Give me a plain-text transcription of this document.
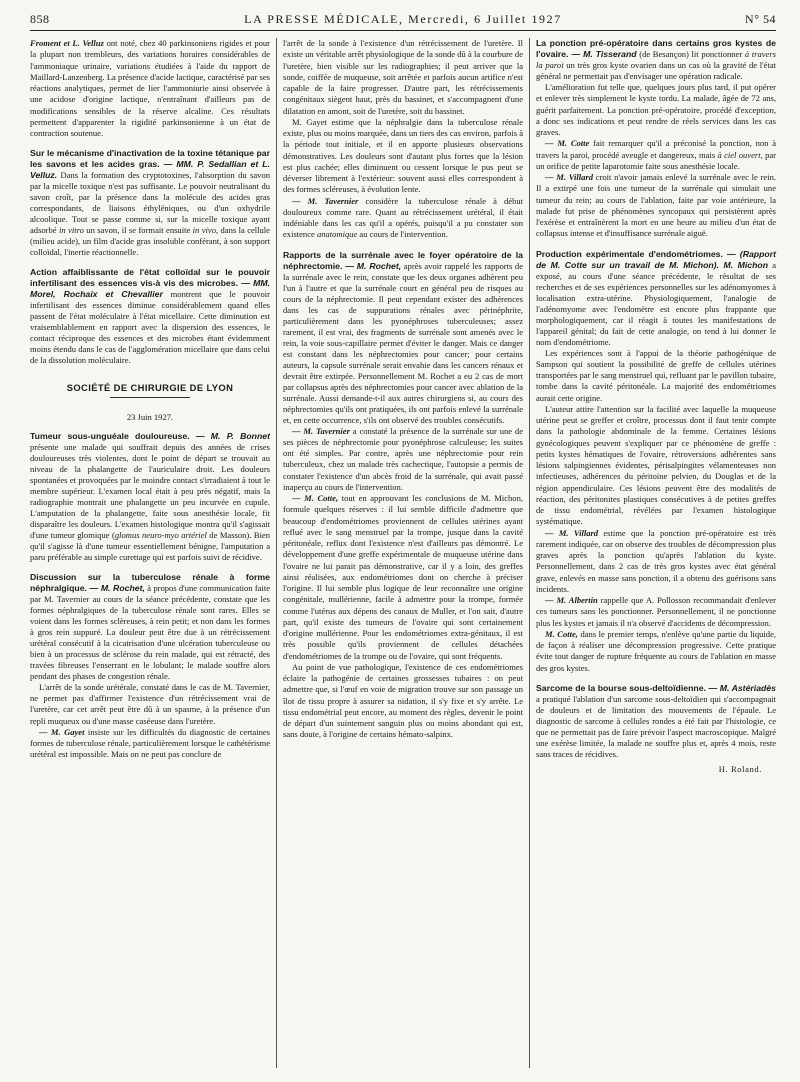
858	LA PRESSE MÉDICALE, Mercredi, 6 Juillet 1927	N° 54

Froment et L. Velluz ont noté, chez 40 parkinsoniens rigides et pour la plupart non trembleurs, des variations horaires considérables de l'ammoniaque urinaire, variations étudiées à l'aide du rapport de Maillard-Lanzenberg. La présence d'acide lactique, caractérisé par ses réactions analytiques, permet de lier l'ammoniurie ainsi observée à une acidose d'origine lactique, n'entraînant d'ailleurs pas de modifications sensibles de la réserve alcaline. Ces résultats permettent d'apparenter la rigidité parkinsonienne à un état de contraction soutenue.

Sur le mécanisme d'inactivation de la toxine tétanique par les savons et les acides gras. — MM. P. Sedallian et L. Velluz. Dans la formation des cryptotoxines, l'absorption du savon par la micelle toxique n'est pas suffisante. Le pouvoir neutralisant du savon croît, par la présence dans la molécule des acides gras correspondants, de liaisons éthyléniques, ou d'un oxhydrile alcoolique. Tout se passe comme si, sur la micelle toxique ayant adsorbé in vitro un savon, il se formait ensuite in vivo, dans la cellule (milieu acide), un film d'acide gras insoluble conférant, à son support colloïdal, l'inertie réactionnelle.

Action affaiblissante de l'état colloïdal sur le pouvoir infertilisant des essences vis-à vis des microbes. — MM. Morel, Rochaix et Chevallier montrent que le pouvoir infertilisant des essences diminue considérablement quand elles passent de l'état moléculaire à l'état micellaire. Cette diminution est vraisemblablement en rapport avec la dispersion des essences, le contact réciproque des essences et des microbes étant évidemment moins étendu dans le cas de l'agglomération micellaire que dans celui de la dissolution moléculaire.

SOCIÉTÉ DE CHIRURGIE DE LYON

23 Juin 1927.

Tumeur sous-unguéale douloureuse. — M. P. Bonnet présente une malade qui souffrait depuis des années de crises douloureuses très violentes, dont le point de départ se trouvait au niveau de la phalangette de l'auriculaire droit. Les douleurs spontanées et provoquées par le moindre contact s'irradiaient à tout le membre supérieur. L'examen local était à peu près négatif, mais la radiographie montrait une phalangette un peu incurvée en cupule. L'amputation de la phalangette, faite sous anesthésie locale, fit disparaître les douleurs. L'examen histologique montra qu'il s'agissait d'une tumeur glomique (glomus neuro-myo artériel de Masson). Bien qu'il s'agisse là d'une tumeur essentiellement bénigne, l'amputation a paru préférable au simple curettage qui est parfois suivi de récidive.

Discussion sur la tuberculose rénale à forme néphralgique. — M. Rochet, à propos d'une communication faite par M. Tavernier au cours de la séance précédente, constate que les formes néphralgiques de la tuberculose rénale sont rares. Elles se voient dans les formes sclèreuses, à rein petit; et non dans les formes à gros rein suppuré. La douleur peut être due à un rétrécissement urétéral consécutif à la cicatrisation d'une ulcération tuberculeuse ou bien à un processus de sclérose du rein malade, qui est rétracté, des travées fibreuses l'enserrant en le lobulant; le malade souffre alors pendant des phases de congestion rénale.

L'arrêt de la sonde urétérale, constaté dans le cas de M. Tavernier, ne permet pas d'affirmer l'existence d'un rétrécissement vrai de l'uretère, car cet arrêt peut être dû à un spasme, à la présence d'un repli muqueux ou d'une masse caséeuse dans l'uretère.

— M. Gayet insiste sur les difficultés du diagnostic de certaines formes de tuberculose rénale, particulièrement lorsque le cathétérisme urétéral est impossible. Mais on ne peut pas conclure de

l'arrêt de la sonde à l'existence d'un rétrécissement de l'uretère. Il existe un véritable arrêt physiologique de la sonde dû à la courbure de l'uretère, bien visible sur les radiographies; il peut arriver que la sonde, coiffée de muqueuse, soit arrêtée et parfois aucun artifice n'est capable de la faire progresser. D'autre part, les rétrécissements congénitaux siègent haut, près du bassinet, et s'accompagnent d'une dilatation en amont, soit de l'uretère, soit du bassinet.

M. Gayet estime que la néphralgie dans la tuberculose rénale existe, plus ou moins marquée, dans un tiers des cas environ, parfois à la période tout initiale, et il en apporte plusieurs observations démonstratives. Les douleurs sont d'autant plus fortes que la lésion est plus cachée; elles diminuent ou cessent lorsque le pus peut se déverser librement à l'extérieur: souvent aussi elles correspondent à des formes scléreuses, à évolution lente.

— M. Tavernier considère la tuberculose rénale à début douloureux comme rare. Quant au rétrécissement urétéral, il était indéniable dans les cas qu'il a opérés, puisqu'il a pu constater son existence anatomique au cours de l'intervention.

Rapports de la surrénale avec le foyer opératoire de la néphrectomie. — M. Rochet, après avoir rappelé les rapports de la surrénale avec le rein, constate que les deux organes adhèrent peu l'un à l'autre et que la surrénale court en général peu de risques au cours de la néphrectomie. Il peut cependant exister des adhérences dans les cas de suppurations rénales avec périnéphrite, particulièrement dans les pyonéphroses tuberculeuses; assez rarement, il est vrai, des fragments de surrénale sont amenés avec le rein, la voie sous-capillaire permet d'éviter le danger. Mais ce danger est constant dans les néphrectomies pour cancer; pour certains auteurs, la capsule surrénale serait envahie dans les cancers rénaux et devrait être extirpée. Personnellement M. Rochet a eu 2 cas de mort par collapsus après des néphrectomies pour cancer avec ablation de la surrénale. Aussi demande-t-il aux autres chirurgiens si, au cours des néphrectomies qu'ils ont pratiquées, ils ont parfois enlevé la surrénale et, en cette occurrence, s'ils ont observé des troubles consécutifs.

— M. Tavernier a constaté la présence de la surrénale sur une de ses pièces de néphrectomie pour pyonéphrose calculeuse; les suites ont été simples. Par contre, après une néphrectomie pour rein tuberculeux, chez un malade très cachectique, l'autopsie a permis de constater l'existence d'un abcès froid de la surrénale, qui avait passé inaperçu au cours de l'intervention.

— M. Cotte, tout en approuvant les conclusions de M. Michon, formule quelques réserves : il lui semble difficile d'admettre que beaucoup d'endométriomes proviennent de cellules utérines ayant reflué avec le sang menstruel par la trompe, jusque dans la cavité péritonéale, reflux dont l'existence n'est d'ailleurs pas démontré. Le développement d'une greffe expérimentale de muqueuse utérine dans l'ovaire ne lui parait pas démonstrative, car il y a loin, des greffes ainsi réalisées, aux endométriomes dont on cherche à préciser l'origine. Il lui semble plus logique de leur reconnaître une origine congénitale, mullérienne, facile à admettre pour la trompe, formée comme l'utérus aux dépens des canaux de Muller, et l'on sait, d'autre part, qu'il existe des tumeurs de l'ovaire qui sont certainement d'origine mullérienne. Pour les endométriomes extra-génitaux, il est très possible qu'ils proviennent de cellules détachées d'endométriomes de la trompe ou de l'ovaire, qui sont fréquents.

Au point de vue pathologique, l'existence de ces endométriomes éclaire la pathogénie de certaines grossesses tubaires : on peut admettre que, si l'œuf en voie de migration trouve sur son passage un îlot de tissu propre à assurer sa nidation, il s'y fixe et s'y arrête. Le tissu endométrial peut encore, au moment des règles, devenir le point de départ d'un suintement sanguin plus ou moins abondant qui est, sans doute, à l'origine de certains hémato-salpinx.

La ponction pré-opératoire dans certains gros kystes de l'ovaire. — M. Tisserand (de Besançon) lit ponctionner à travers la paroi un très gros kyste ovarien dans un cas où la gravité de l'état général ne permettait pas d'envisager une opération radicale.

L'amélioration fut telle que, quelques jours plus tard, il put opérer et enlever très simplement le kyste tordu. La malade, âgée de 72 ans, guérit parfaitement. La ponction pré-opératoire, procédé d'exception, a donc ses indications et peut rendre de réels services dans les cas graves.

— M. Cotte fait remarquer qu'il a préconisé la ponction, non à travers la paroi, procédé aveugle et dangereux, mais à ciel ouvert, par un orifice de petite laparotomie faite sous anesthésie locale.

— M. Villard croit n'avoir jamais enlevé la surrénale avec le rein. Il a extirpé une fois une tumeur de la surrénale qui simulait une tumeur du rein; au cours de l'ablation, faite par voie antérieure, la malade fut prise de phénomènes syncopaux qui persistèrent après l'exérèse et entraînèrent la mort en une heure au milieu d'un état de collapsus intense et d'insuffisance surrénale aiguë.

Production expérimentale d'endométriomes. — (Rapport de M. Cotte sur un travail de M. Michon). M. Michon a exposé, au cours d'une séance précédente, le résultat de ses recherches et de ses expériences personnelles sur les adénomyomes à localisation extra-utérine. Physiologiquement, l'analogie de l'adénomyome avec l'endomètre est encore plus frappante que morphologiquement, car il réagit à toutes les manifestations de l'appareil génital; du fait de cette analogie, on tend à lui donner le nom d'endométriome.

Les expériences sont à l'appui de la théorie pathogénique de Sampson qui soutient la possibilité de greffe de cellules utérines transportées par le sang menstruel qui, refluant par le pavillon tubaire, tombe dans la cavité péritonéale. La majorité des endométriomes aurait cette origine.

L'auteur attire l'attention sur la facilité avec laquelle la muqueuse utérine peut se greffer et croître, processus dont il faut tenir compte dans la pathologie abdominale de la femme. Certaines lésions gynécologiques peuvent s'expliquer par ce phénomène de greffe : petits kystes hématiques de l'ovaire, rétroversions adhérentes sans lésions salpingiennes évidentes, périsalpingites vélamenteuses non infectieuses, adhérences du péritoine pelvien, du Douglas et de la région appendiculaire. Ces lésions peuvent être des modalités de réaction, des péritonites plastiques consécutives à de petites greffes de tissu endométrial, révélées par l'examen histologique systématique.

— M. Villard estime que la ponction pré-opératoire est très rarement indiquée, car on observe des troubles de décompression plus graves après la ponction qu'après l'ablation du kyste. Personnellement, dans 2 cas de très gros kystes avec état général grave, enlevés en masse sans ponction, il a obtenu des guérisons sans incidents.

— M. Albertin rappelle que A. Pollosson recommandait d'enlever ces tumeurs sans les ponctionner. Personnellement, il ne ponctionne plus les kystes et jamais il n'a observé d'accidents de décompression.

M. Cotte, dans le premier temps, n'enlève qu'une partie du liquide, de façon à réaliser une décompression progressive. Cette pratique évite tout danger de rupture fréquente au cours de l'ablation en masse des gros kystes.

Sarcome de la bourse sous-deltoïdienne. — M. Astériadès a pratiqué l'ablation d'un sarcome sous-deltoïdien qui s'accompagnait de douleurs et de limitation des mouvements de l'épaule. Le diagnostic de sarcome à cellules rondes a été fait par l'histologie, ce que ne permettait pas de faire prévoir l'aspect macroscopique. Malgré une exérèse limitée, la malade ne souffre plus et, après 4 mois, reste sans traces de récidives.

H. Roland.
